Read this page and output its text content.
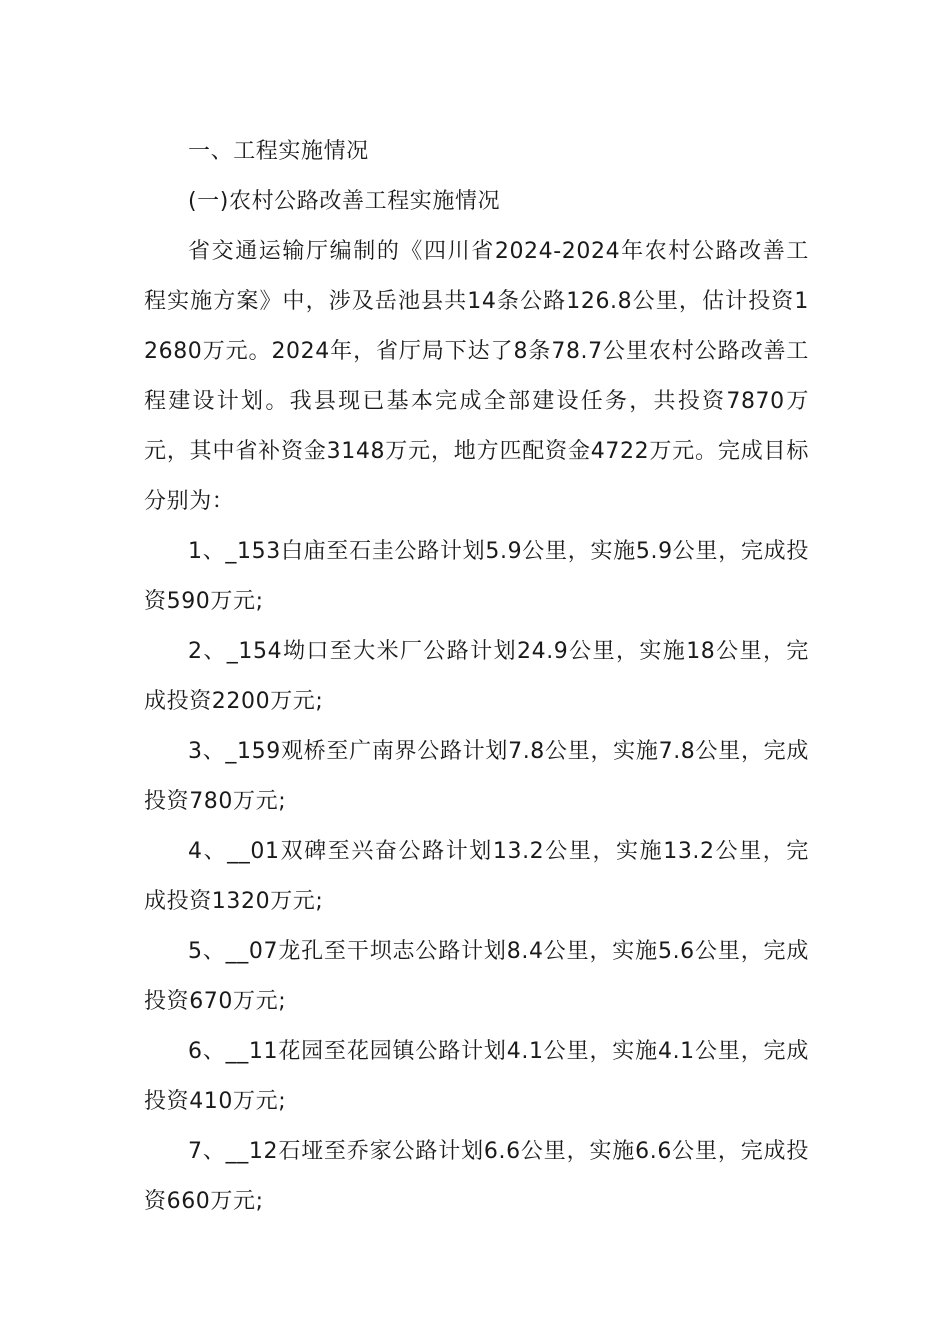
一、工程实施情况

(一)农村公路改善工程实施情况

省交通运输厅编制的《四川省2024-2024年农村公路改善工程实施方案》中，涉及岳池县共14条公路126.8公里，估计投资12680万元。2024年，省厅局下达了8条78.7公里农村公路改善工程建设计划。我县现已基本完成全部建设任务，共投资7870万元，其中省补资金3148万元，地方匹配资金4722万元。完成目标分别为：

1、_153白庙至石圭公路计划5.9公里，实施5.9公里，完成投资590万元;

2、_154坳口至大米厂公路计划24.9公里，实施18公里，完成投资2200万元;

3、_159观桥至广南界公路计划7.8公里，实施7.8公里，完成投资780万元;

4、__01双碑至兴奋公路计划13.2公里，实施13.2公里，完成投资1320万元;

5、__07龙孔至干坝志公路计划8.4公里，实施5.6公里，完成投资670万元;

6、__11花园至花园镇公路计划4.1公里，实施4.1公里，完成投资410万元;

7、__12石垭至乔家公路计划6.6公里，实施6.6公里，完成投资660万元;
